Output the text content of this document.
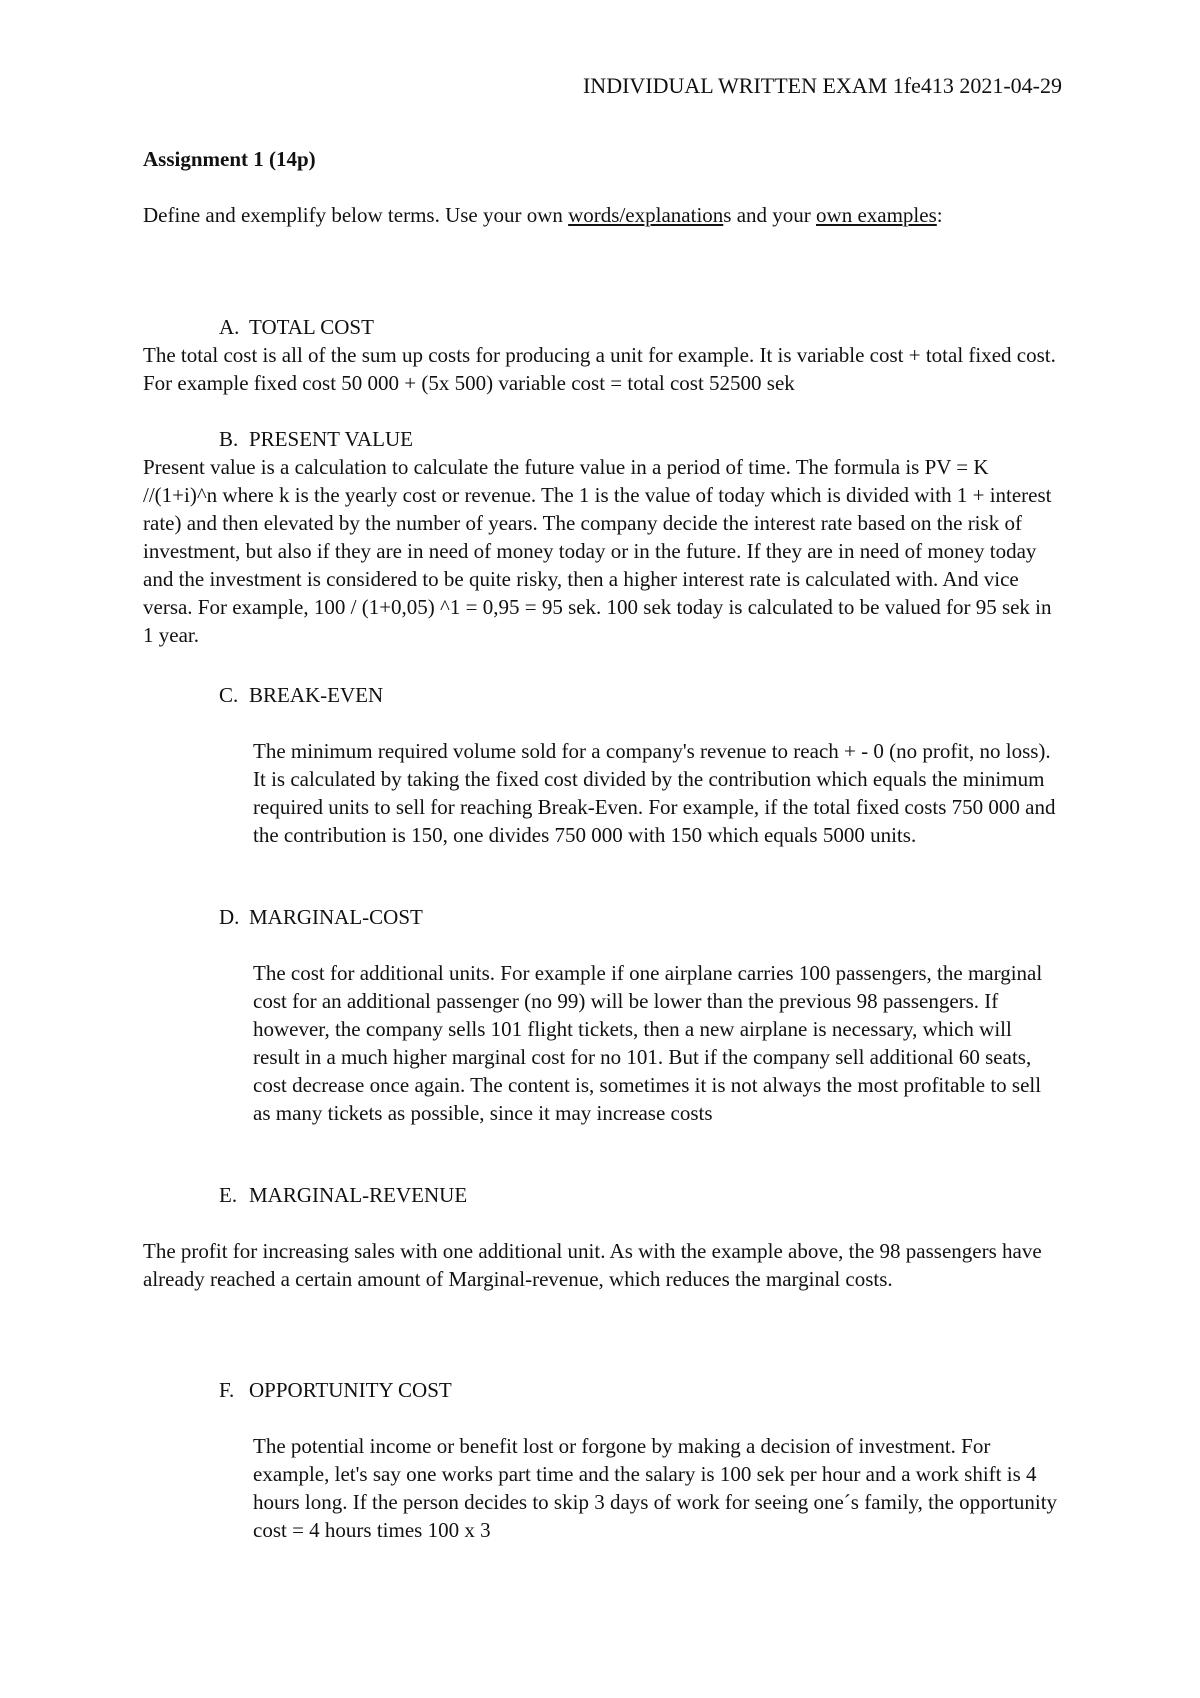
INDIVIDUAL WRITTEN EXAM 1fe413 2021-04-29
Assignment 1 (14p)

Define and exemplify below terms. Use your own words/explanations and your own examples:

A. TOTAL COST

The total cost is all of the sum up costs for producing a unit for example. It is variable cost + total fixed cost. For example fixed cost 50 000 + (5x 500) variable cost = total cost 52500 sek

B. PRESENT VALUE

Present value is a calculation to calculate the future value in a period of time. The formula is PV = K //(1+i)^n where k is the yearly cost or revenue. The 1 is the value of today which is divided with 1 + interest rate) and then elevated by the number of years. The company decide the interest rate based on the risk of investment, but also if they are in need of money today or in the future. If they are in need of money today and the investment is considered to be quite risky, then a higher interest rate is calculated with. And vice versa. For example, 100 / (1+0,05) ^1 = 0,95 = 95 sek. 100 sek today is calculated to be valued for 95 sek in 1 year.

C. BREAK-EVEN

The minimum required volume sold for a company's revenue to reach + - 0 (no profit, no loss). It is calculated by taking the fixed cost divided by the contribution which equals the minimum required units to sell for reaching Break-Even. For example, if the total fixed costs 750 000 and the contribution is 150, one divides 750 000 with 150 which equals 5000 units.

D. MARGINAL-COST

The cost for additional units. For example if one airplane carries 100 passengers, the marginal cost for an additional passenger (no 99) will be lower than the previous 98 passengers. If however, the company sells 101 flight tickets, then a new airplane is necessary, which will result in a much higher marginal cost for no 101. But if the company sell additional 60 seats, cost decrease once again. The content is, sometimes it is not always the most profitable to sell as many tickets as possible, since it may increase costs

E. MARGINAL-REVENUE

The profit for increasing sales with one additional unit. As with the example above, the 98 passengers have already reached a certain amount of Marginal-revenue, which reduces the marginal costs.

F. OPPORTUNITY COST

The potential income or benefit lost or forgone by making a decision of investment. For example, let's say one works part time and the salary is 100 sek per hour and a work shift is 4 hours long. If the person decides to skip 3 days of work for seeing one´s family, the opportunity cost = 4 hours times 100 x 3
